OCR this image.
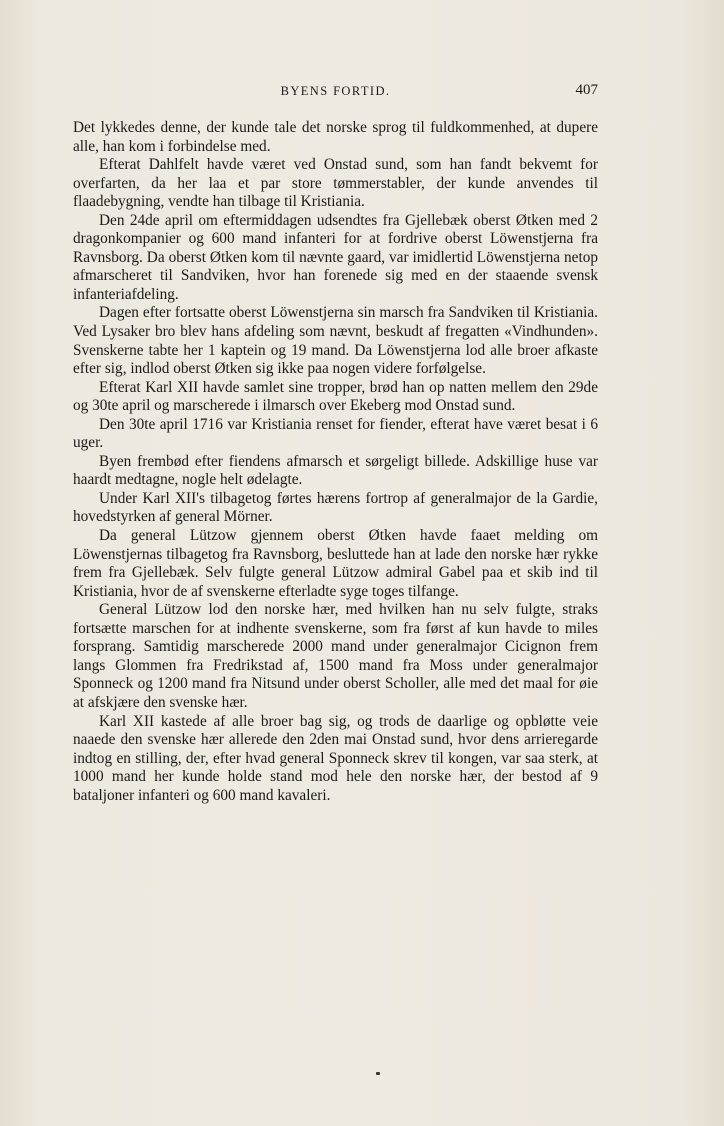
BYENS FORTID.	407

Det lykkedes denne, der kunde tale det norske sprog til fuldkommenhed, at dupere alle, han kom i forbindelse med.

Efterat Dahlfelt havde været ved Onstad sund, som han fandt bekvemt for overfarten, da her laa et par store tømmerstabler, der kunde anvendes til flaadebygning, vendte han tilbage til Kristiania.

Den 24de april om eftermiddagen udsendtes fra Gjellebæk oberst Øtken med 2 dragonkompanier og 600 mand infanteri for at fordrive oberst Löwenstjerna fra Ravnsborg. Da oberst Øtken kom til nævnte gaard, var imidlertid Löwenstjerna netop afmarscheret til Sandviken, hvor han forenede sig med en der staaende svensk infanteriafdeling.

Dagen efter fortsatte oberst Löwenstjerna sin marsch fra Sandviken til Kristiania. Ved Lysaker bro blev hans afdeling som nævnt, beskudt af fregatten «Vindhunden». Svenskerne tabte her 1 kaptein og 19 mand. Da Löwenstjerna lod alle broer afkaste efter sig, indlod oberst Øtken sig ikke paa nogen videre forfølgelse.

Efterat Karl XII havde samlet sine tropper, brød han op natten mellem den 29de og 30te april og marscherede i ilmarsch over Ekeberg mod Onstad sund.

Den 30te april 1716 var Kristiania renset for fiender, efterat have været besat i 6 uger.

Byen frembød efter fiendens afmarsch et sørgeligt billede. Adskillige huse var haardt medtagne, nogle helt ødelagte.

Under Karl XII's tilbagetog førtes hærens fortrop af generalmajor de la Gardie, hovedstyrken af general Mörner.

Da general Lützow gjennem oberst Øtken havde faaet melding om Löwenstjernas tilbagetog fra Ravnsborg, besluttede han at lade den norske hær rykke frem fra Gjellebæk. Selv fulgte general Lützow admiral Gabel paa et skib ind til Kristiania, hvor de af svenskerne efterladte syge toges tilfange.

General Lützow lod den norske hær, med hvilken han nu selv fulgte, straks fortsætte marschen for at indhente svenskerne, som fra først af kun havde to miles forsprang. Samtidig marscherede 2000 mand under generalmajor Cicignon frem langs Glommen fra Fredrikstad af, 1500 mand fra Moss under generalmajor Sponneck og 1200 mand fra Nitsund under oberst Scholler, alle med det maal for øie at afskjære den svenske hær.

Karl XII kastede af alle broer bag sig, og trods de daarlige og opbløtte veie naaede den svenske hær allerede den 2den mai Onstad sund, hvor dens arrieregarde indtog en stilling, der, efter hvad general Sponneck skrev til kongen, var saa sterk, at 1000 mand her kunde holde stand mod hele den norske hær, der bestod af 9 bataljoner infanteri og 600 mand kavaleri.
